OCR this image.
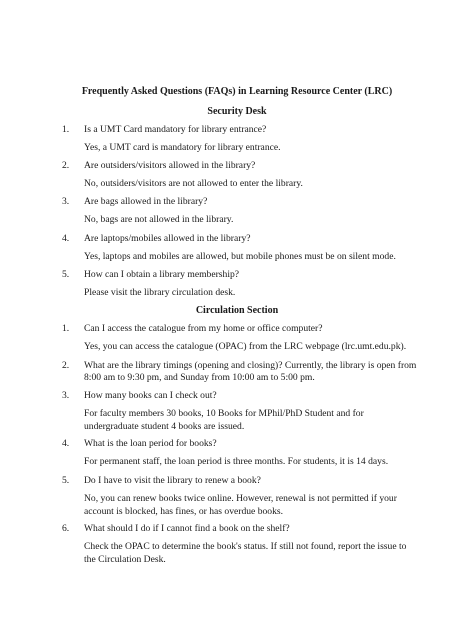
Frequently Asked Questions (FAQs) in Learning Resource Center (LRC)
Security Desk
1.	Is a UMT Card mandatory for library entrance?
Yes, a UMT card is mandatory for library entrance.
2.	Are outsiders/visitors allowed in the library?
No, outsiders/visitors are not allowed to enter the library.
3.	Are bags allowed in the library?
No, bags are not allowed in the library.
4.	Are laptops/mobiles allowed in the library?
Yes, laptops and mobiles are allowed, but mobile phones must be on silent mode.
5.	How can I obtain a library membership?
Please visit the library circulation desk.
Circulation Section
1.	Can I access the catalogue from my home or office computer?
Yes, you can access the catalogue (OPAC) from the LRC webpage (lrc.umt.edu.pk).
2.	What are the library timings (opening and closing)? Currently, the library is open from 8:00 am to 9:30 pm, and Sunday from 10:00 am to 5:00 pm.
3.	How many books can I check out?
For faculty members 30 books, 10 Books for MPhil/PhD Student and for undergraduate student 4 books are issued.
4.	What is the loan period for books?
For permanent staff, the loan period is three months. For students, it is 14 days.
5.	Do I have to visit the library to renew a book?
No, you can renew books twice online. However, renewal is not permitted if your account is blocked, has fines, or has overdue books.
6.	What should I do if I cannot find a book on the shelf?
Check the OPAC to determine the book's status. If still not found, report the issue to the Circulation Desk.
